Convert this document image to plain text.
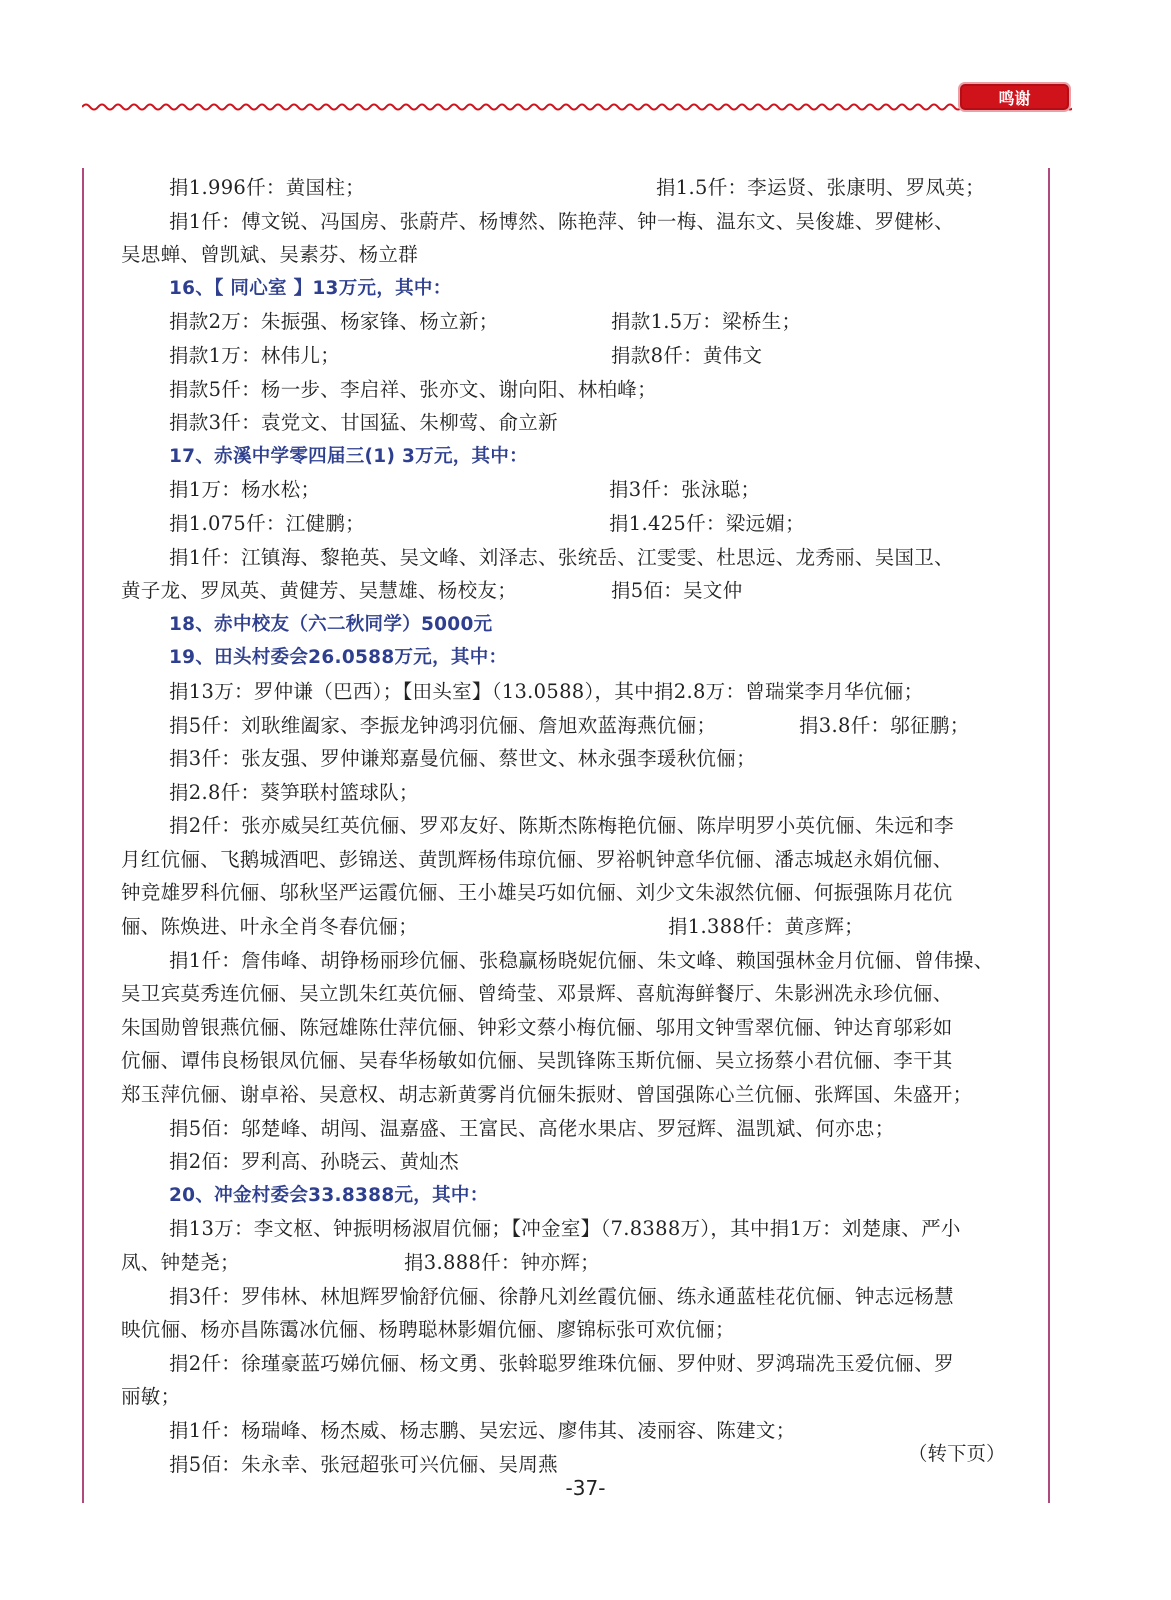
鸣谢
捐1.996仟：黄国柱；	捐1.5仟：李运贤、张康明、罗凤英；
捐1仟：傅文锐、冯国房、张蔚芹、杨博然、陈艳萍、钟一梅、温东文、吴俊雄、罗健彬、
吴思蝉、曾凯斌、吴素芬、杨立群
16、【 同心室 】13万元，其中：
捐款2万：朱振强、杨家锋、杨立新；	捐款1.5万：梁桥生；
捐款1万：林伟儿；	捐款8仟：黄伟文
捐款5仟：杨一步、李启祥、张亦文、谢向阳、林柏峰；
捐款3仟：袁党文、甘国猛、朱柳莺、俞立新
17、赤溪中学零四届三(1) 3万元，其中：
捐1万：杨水松；	捐3仟：张泳聪；
捐1.075仟：江健鹏；	捐1.425仟：梁远媚；
捐1仟：江镇海、黎艳英、吴文峰、刘泽志、张统岳、江雯雯、杜思远、龙秀丽、吴国卫、
黄子龙、罗凤英、黄健芳、吴慧雄、杨校友；	捐5佰：吴文仲
18、赤中校友（六二秋同学）5000元
19、田头村委会26.0588万元，其中：
捐13万：罗仲谦（巴西）；【田头室】（13.0588），其中捐2.8万：曾瑞棠李月华伉俪；
捐5仟：刘耿维阖家、李振龙钟鸿羽伉俪、詹旭欢蓝海燕伉俪；	捐3.8仟：邬征鹏；
捐3仟：张友强、罗仲谦郑嘉曼伉俪、蔡世文、林永强李瑗秋伉俪；
捐2.8仟：葵笋联村篮球队；
捐2仟：张亦威吴红英伉俪、罗邓友好、陈斯杰陈梅艳伉俪、陈岸明罗小英伉俪、朱远和李
月红伉俪、飞鹅城酒吧、彭锦送、黄凯辉杨伟琼伉俪、罗裕帆钟意华伉俪、潘志城赵永娟伉俪、
钟竞雄罗科伉俪、邬秋坚严运霞伉俪、王小雄吴巧如伉俪、刘少文朱淑然伉俪、何振强陈月花伉
俪、陈焕进、叶永全肖冬春伉俪；	捐1.388仟：黄彦辉；
捐1仟：詹伟峰、胡铮杨丽珍伉俪、张稳赢杨晓妮伉俪、朱文峰、赖国强林金月伉俪、曾伟操、
吴卫宾莫秀连伉俪、吴立凯朱红英伉俪、曾绮莹、邓景辉、喜航海鲜餐厅、朱影洲冼永珍伉俪、
朱国勋曾银燕伉俪、陈冠雄陈仕萍伉俪、钟彩文蔡小梅伉俪、邬用文钟雪翠伉俪、钟达育邬彩如
伉俪、谭伟良杨银凤伉俪、吴春华杨敏如伉俪、吴凯锋陈玉斯伉俪、吴立扬蔡小君伉俪、李干其
郑玉萍伉俪、谢卓裕、吴意权、胡志新黄雾肖伉俪朱振财、曾国强陈心兰伉俪、张辉国、朱盛开；
捐5佰：邬楚峰、胡闯、温嘉盛、王富民、高佬水果店、罗冠辉、温凯斌、何亦忠；
捐2佰：罗利高、孙晓云、黄灿杰
20、冲金村委会33.8388元，其中：
捐13万：李文枢、钟振明杨淑眉伉俪；【冲金室】（7.8388万），其中捐1万：刘楚康、严小
凤、钟楚尧；	捐3.888仟：钟亦辉；
捐3仟：罗伟林、林旭辉罗愉舒伉俪、徐静凡刘丝霞伉俪、练永通蓝桂花伉俪、钟志远杨慧
映伉俪、杨亦昌陈霭冰伉俪、杨聘聪林影媚伉俪、廖锦标张可欢伉俪；
捐2仟：徐瑾豪蓝巧娣伉俪、杨文勇、张斡聪罗维珠伉俪、罗仲财、罗鸿瑞冼玉爱伉俪、罗
丽敏；
捐1仟：杨瑞峰、杨杰威、杨志鹏、吴宏远、廖伟其、凌丽容、陈建文；
捐5佰：朱永幸、张冠超张可兴伉俪、吴周燕	（转下页）
-37-
